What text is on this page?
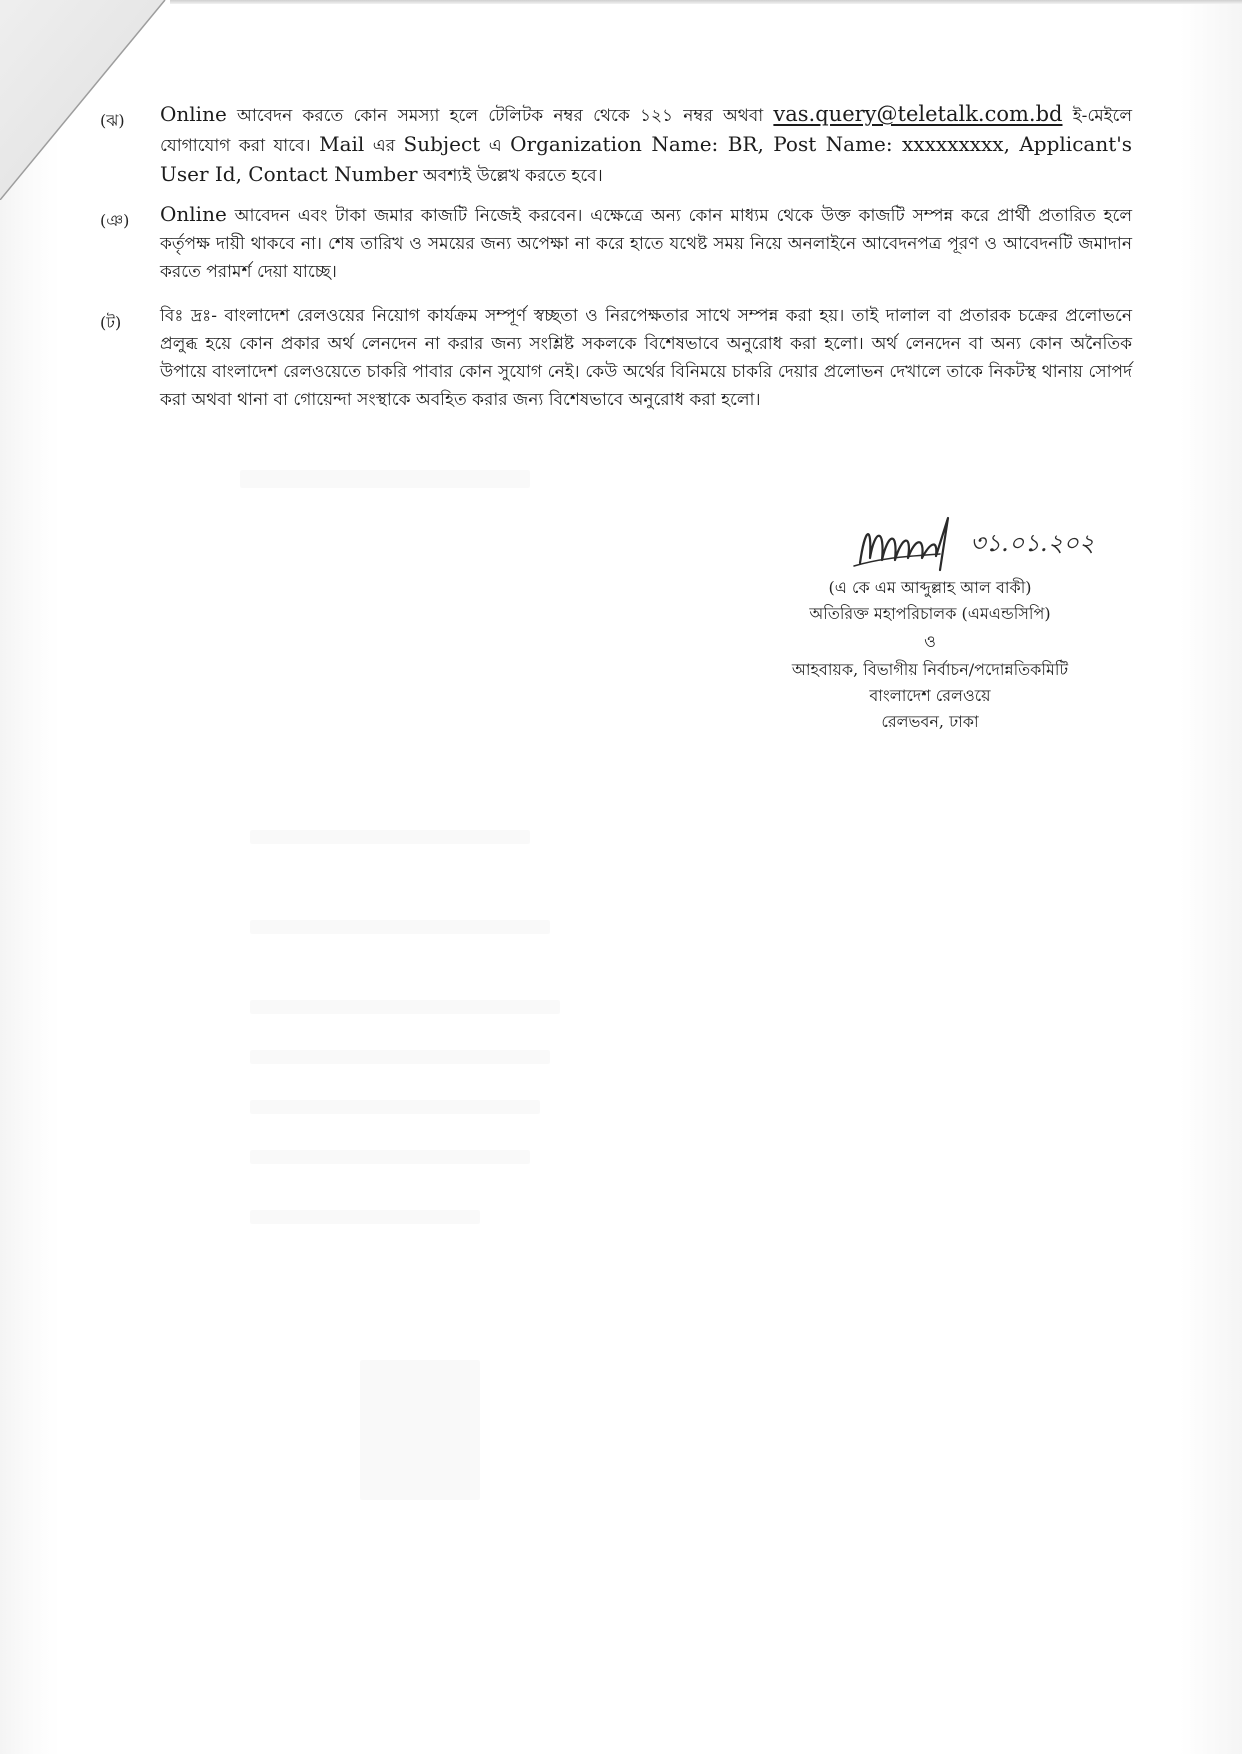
(ঝ) Online আবেদন করতে কোন সমস্যা হলে টেলিটক নম্বর থেকে ১২১ নম্বর অথবা vas.query@teletalk.com.bd ই-মেইলে যোগাযোগ করা যাবে। Mail এর Subject এ Organization Name: BR, Post Name: xxxxxxxxx, Applicant's User Id, Contact Number অবশ্যই উল্লেখ করতে হবে।
(ঞ) Online আবেদন এবং টাকা জমার কাজটি নিজেই করবেন। এক্ষেত্রে অন্য কোন মাধ্যম থেকে উক্ত কাজটি সম্পন্ন করে প্রার্থী প্রতারিত হলে কর্তৃপক্ষ দায়ী থাকবে না। শেষ তারিখ ও সময়ের জন্য অপেক্ষা না করে হাতে যথেষ্ট সময় নিয়ে অনলাইনে আবেদনপত্র পূরণ ও আবেদনটি জমাদান করতে পরামর্শ দেয়া যাচ্ছে।
(ট) বিঃ দ্রঃ- বাংলাদেশ রেলওয়ের নিয়োগ কার্যক্রম সম্পূর্ণ স্বচ্ছতা ও নিরপেক্ষতার সাথে সম্পন্ন করা হয়। তাই দালাল বা প্রতারক চক্রের প্রলোভনে প্রলুব্ধ হয়ে কোন প্রকার অর্থ লেনদেন না করার জন্য সংশ্লিষ্ট সকলকে বিশেষভাবে অনুরোধ করা হলো। অর্থ লেনদেন বা অন্য কোন অনৈতিক উপায়ে বাংলাদেশ রেলওয়েতে চাকরি পাবার কোন সুযোগ নেই। কেউ অর্থের বিনিময়ে চাকরি দেয়ার প্রলোভন দেখালে তাকে নিকটস্থ থানায় সোপর্দ করা অথবা থানা বা গোয়েন্দা সংস্থাকে অবহিত করার জন্য বিশেষভাবে অনুরোধ করা হলো।
৩১.০১.২০২
(এ কে এম আব্দুল্লাহ আল বাকী)
অতিরিক্ত মহাপরিচালক (এমএন্ডসিপি)
ও
আহবায়ক, বিভাগীয় নির্বাচন/পদোন্নতিকমিটি
বাংলাদেশ রেলওয়ে
রেলভবন, ঢাকা
